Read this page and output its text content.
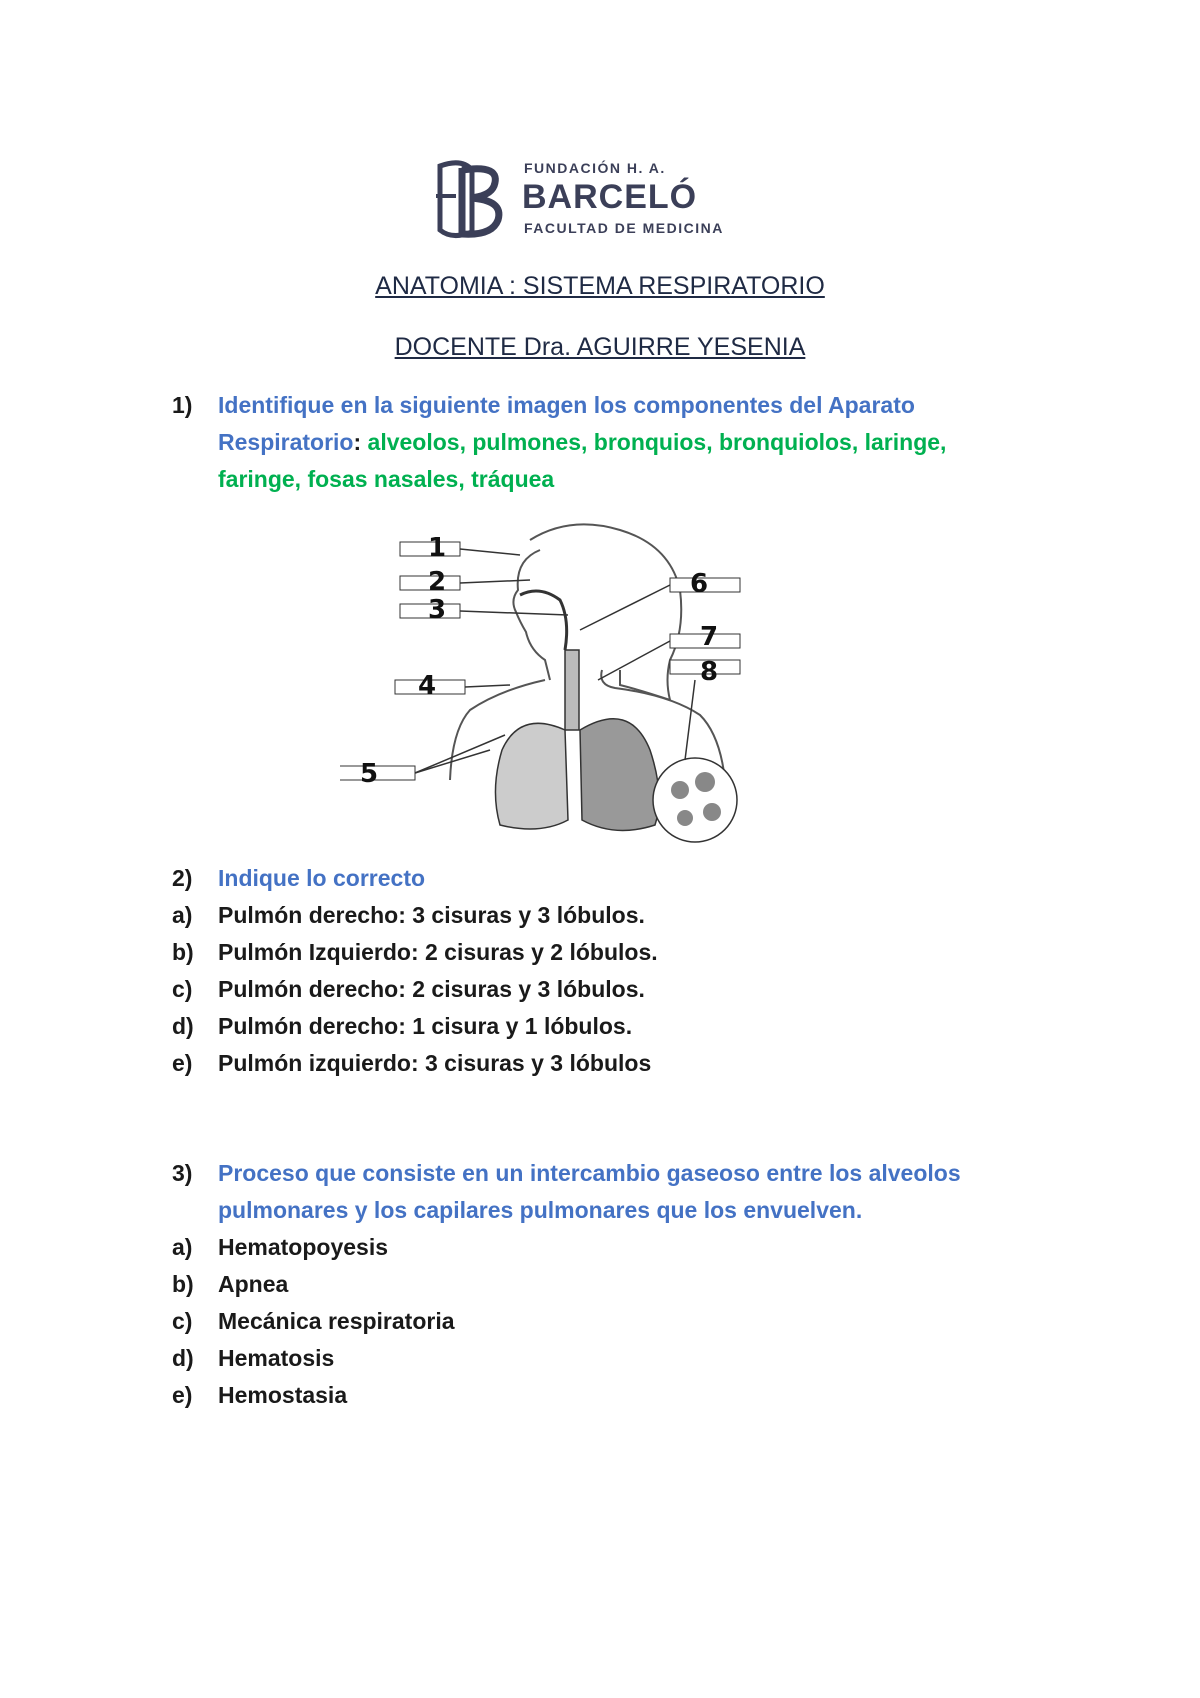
FUNDACIÓN H. A.
BARCELÓ
FACULTAD DE MEDICINA
ANATOMIA : SISTEMA RESPIRATORIO
DOCENTE Dra. AGUIRRE YESENIA
1) Identifique en la siguiente imagen los componentes del Aparato Respiratorio: alveolos, pulmones, bronquios, bronquiolos, laringe, faringe, fosas nasales, tráquea
1
2
3
4
5
6
7
8
2) Indique lo correcto
a) Pulmón derecho: 3 cisuras y 3 lóbulos.
b) Pulmón Izquierdo: 2 cisuras y 2 lóbulos.
c) Pulmón derecho: 2 cisuras y 3 lóbulos.
d) Pulmón derecho: 1 cisura y 1 lóbulos.
e) Pulmón izquierdo: 3 cisuras y 3 lóbulos
3) Proceso que consiste en un intercambio gaseoso entre los alveolos pulmonares y los capilares pulmonares que los envuelven.
a) Hematopoyesis
b) Apnea
c) Mecánica respiratoria
d) Hematosis
e) Hemostasia
